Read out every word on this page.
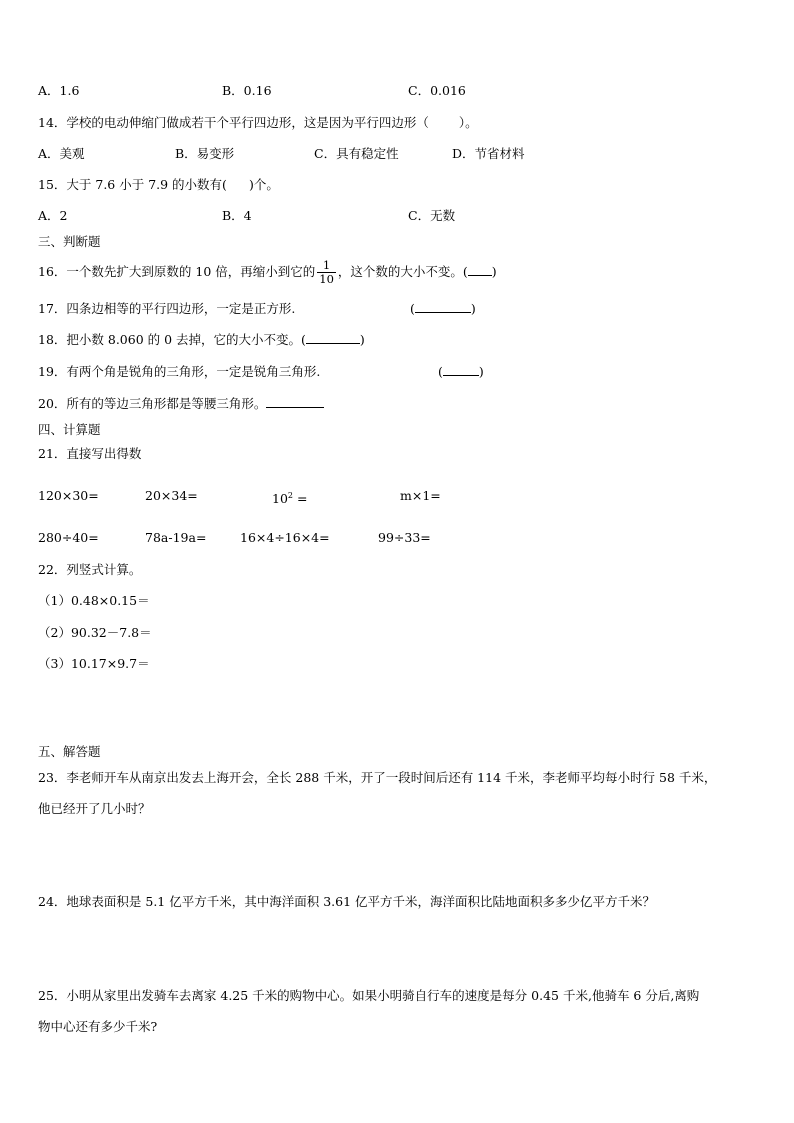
A．1.6	B．0.16	C．0.016
14．学校的电动伸缩门做成若干个平行四边形，这是因为平行四边形（ ）。
A．美观	B．易变形	C．具有稳定性	D．节省材料
15．大于 7.6 小于 7.9 的小数有( )个。
A．2	B．4	C．无数
三、判断题
16．一个数先扩大到原数的 10 倍，再缩小到它的 $\frac{1}{10}$ ，这个数的大小不变。( )
17．四条边相等的平行四边形，一定是正方形.	(	)
18．把小数 8.060 的 0 去掉，它的大小不变。(	)
19．有两个角是锐角的三角形，一定是锐角三角形.	(	)
20．所有的等边三角形都是等腰三角形。
四、计算题
21．直接写出得数
120×30=	20×34=	$10^2$ =	m×1=
280÷40=	78a-19a=	16×4÷16×4=	99÷33=
22．列竖式计算。
（1）0.48×0.15＝
（2）90.32－7.8＝
（3）10.17×9.7＝
五、解答题
23．李老师开车从南京出发去上海开会，全长 288 千米，开了一段时间后还有 114 千米，李老师平均每小时行 58 千米，
他已经开了几小时？
24．地球表面积是 5.1 亿平方千米，其中海洋面积 3.61 亿平方千米，海洋面积比陆地面积多多少亿平方千米？
25．小明从家里出发骑车去离家 4.25 千米的购物中心。如果小明骑自行车的速度是每分 0.45 千米,他骑车 6 分后,离购
物中心还有多少千米?
